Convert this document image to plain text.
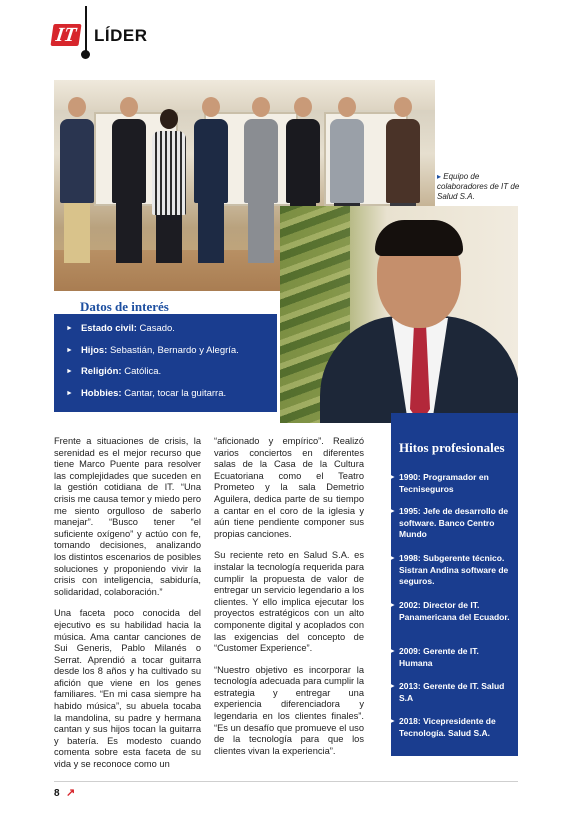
IT LÍDER
▸ Equipo de colaboradores de IT de Salud S.A.
Datos de interés
► Estado civil: Casado.
► Hijos: Sebastián, Bernardo y Alegría.
► Religión: Católica.
► Hobbies: Cantar, tocar la guitarra.
Hitos profesionales
► 1990: Programador en Tecniseguros
► 1995: Jefe de desarrollo de software. Banco Centro Mundo
► 1998: Subgerente técnico. Sistran Andina software de seguros.
► 2002: Director de IT. Panamericana del Ecuador.
► 2009: Gerente de IT. Humana
► 2013: Gerente de IT. Salud S.A
► 2018: Vicepresidente de Tecnología. Salud S.A.

Frente a situaciones de crisis, la serenidad es el mejor recurso que tiene Marco Puente para resolver las complejidades que suceden en la gestión cotidiana de IT. “Una crisis me causa temor y miedo pero me siento orgulloso de saberlo manejar”. “Busco tener “el suficiente oxígeno” y actúo con fe, tomando decisiones, analizando los distintos escenarios de posibles soluciones y proponiendo vivir la crisis con inteligencia, sabiduría, solidaridad, colaboración.”

Una faceta poco conocida del ejecutivo es su habilidad hacia la música. Ama cantar canciones de Sui Generis, Pablo Milanés o Serrat. Aprendió a tocar guitarra desde los 8 años y ha cultivado su afición que viene en los genes familiares. “En mi casa siempre ha habido música”, su abuela tocaba la mandolina, su padre y hermana cantan y sus hijos tocan la guitarra y batería. Es modesto cuando comenta sobre esta faceta de su vida y se reconoce como un

“aficionado y empírico”. Realizó varios conciertos en diferentes salas de la Casa de la Cultura Ecuatoriana como el Teatro Prometeo y la sala Demetrio Aguilera, dedica parte de su tiempo a cantar en el coro de la iglesia y aún tiene pendiente componer sus propias canciones.

Su reciente reto en Salud S.A. es instalar la tecnología requerida para cumplir la propuesta de valor de entregar un servicio legendario a los clientes. Y ello implica ejecutar los proyectos estratégicos con un alto componente digital y acoplados con las exigencias del concepto de “Customer Experience”.

“Nuestro objetivo es incorporar la tecnología adecuada para cumplir la estrategia y entregar una experiencia diferenciadora y legendaria en los clientes finales”. “Es un desafío que promueve el uso de la tecnología para que los clientes vivan la experiencia”.

8 ↗
